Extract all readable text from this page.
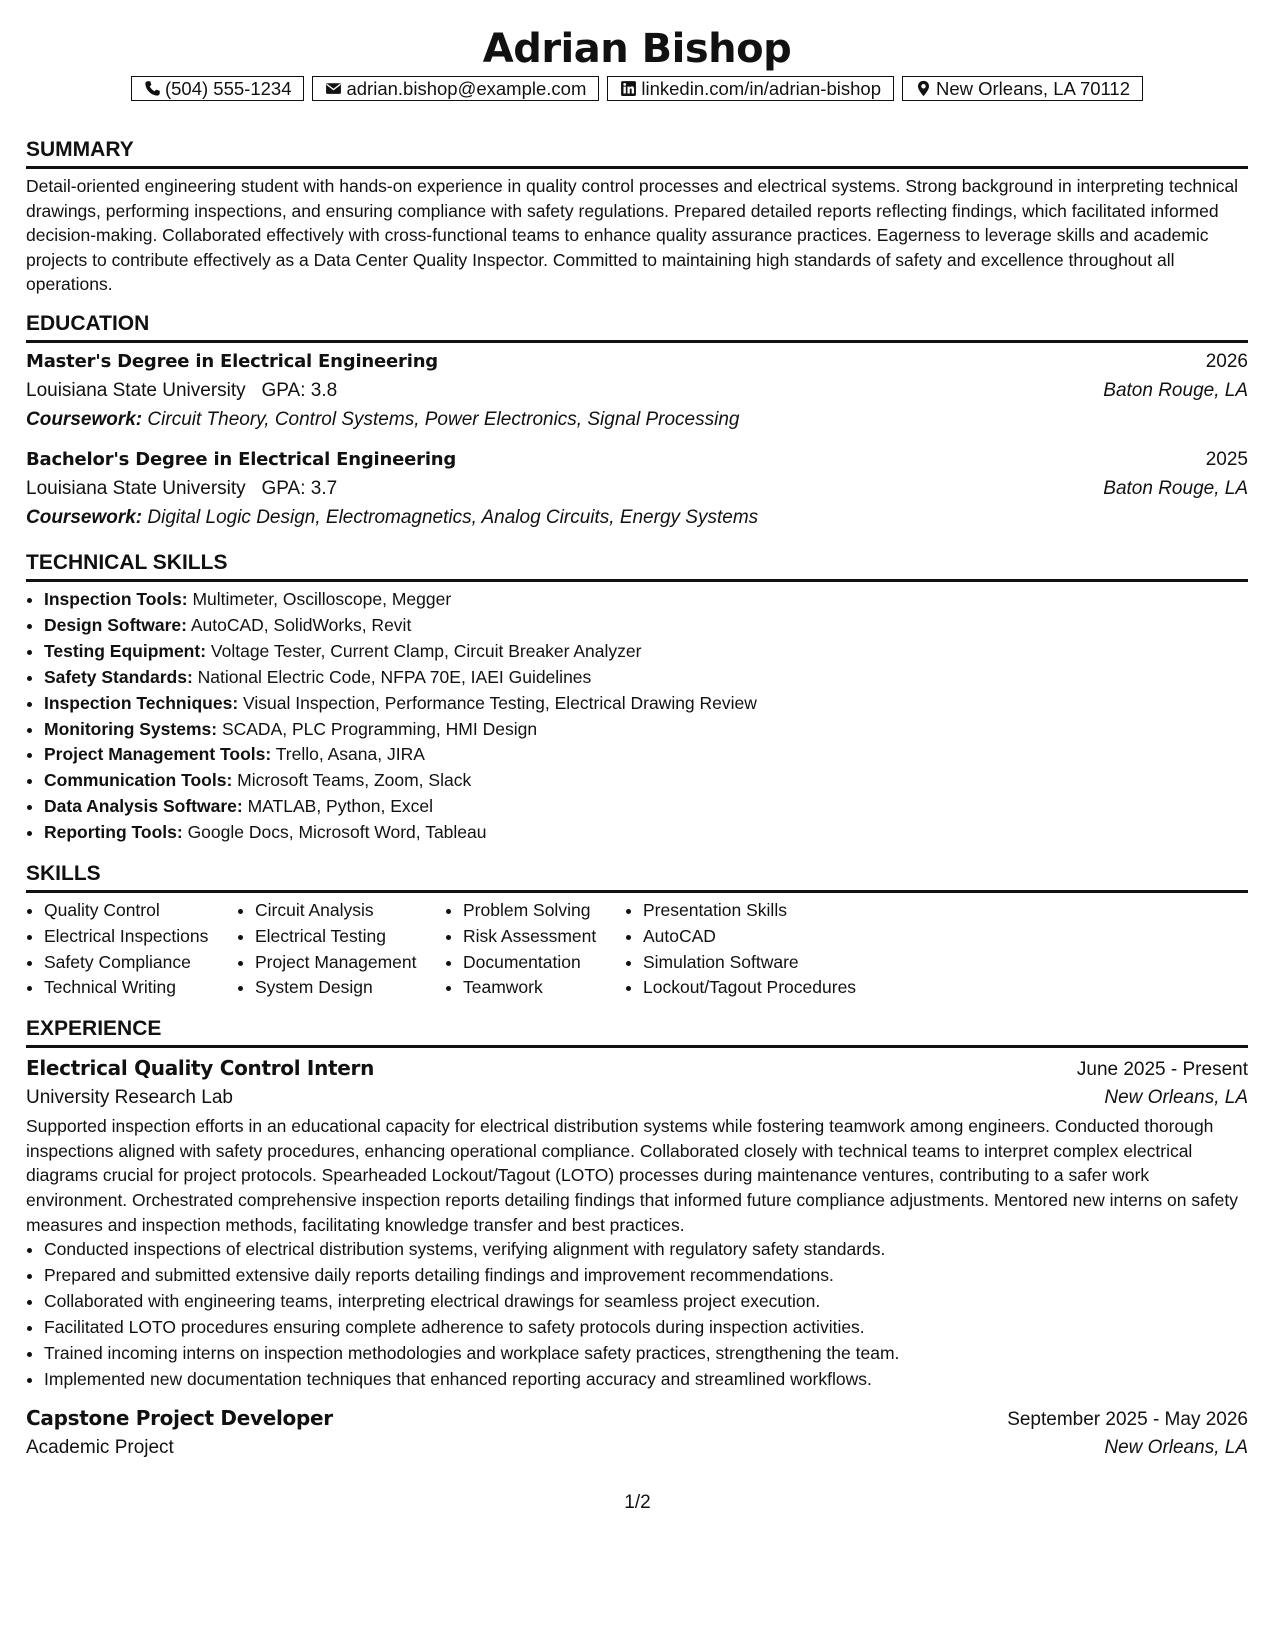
Adrian Bishop
(504) 555-1234	adrian.bishop@example.com	linkedin.com/in/adrian-bishop	New Orleans, LA 70112
SUMMARY
Detail-oriented engineering student with hands-on experience in quality control processes and electrical systems. Strong background in interpreting technical drawings, performing inspections, and ensuring compliance with safety regulations. Prepared detailed reports reflecting findings, which facilitated informed decision-making. Collaborated effectively with cross-functional teams to enhance quality assurance practices. Eagerness to leverage skills and academic projects to contribute effectively as a Data Center Quality Inspector. Committed to maintaining high standards of safety and excellence throughout all operations.
EDUCATION
Master's Degree in Electrical Engineering	2026
Louisiana State University GPA: 3.8	Baton Rouge, LA
Coursework: Circuit Theory, Control Systems, Power Electronics, Signal Processing
Bachelor's Degree in Electrical Engineering	2025
Louisiana State University GPA: 3.7	Baton Rouge, LA
Coursework: Digital Logic Design, Electromagnetics, Analog Circuits, Energy Systems
TECHNICAL SKILLS
• Inspection Tools: Multimeter, Oscilloscope, Megger
• Design Software: AutoCAD, SolidWorks, Revit
• Testing Equipment: Voltage Tester, Current Clamp, Circuit Breaker Analyzer
• Safety Standards: National Electric Code, NFPA 70E, IAEI Guidelines
• Inspection Techniques: Visual Inspection, Performance Testing, Electrical Drawing Review
• Monitoring Systems: SCADA, PLC Programming, HMI Design
• Project Management Tools: Trello, Asana, JIRA
• Communication Tools: Microsoft Teams, Zoom, Slack
• Data Analysis Software: MATLAB, Python, Excel
• Reporting Tools: Google Docs, Microsoft Word, Tableau
SKILLS
• Quality Control
• Electrical Inspections
• Safety Compliance
• Technical Writing
• Circuit Analysis
• Electrical Testing
• Project Management
• System Design
• Problem Solving
• Risk Assessment
• Documentation
• Teamwork
• Presentation Skills
• AutoCAD
• Simulation Software
• Lockout/Tagout Procedures
EXPERIENCE
Electrical Quality Control Intern	June 2025 - Present
University Research Lab	New Orleans, LA
Supported inspection efforts in an educational capacity for electrical distribution systems while fostering teamwork among engineers. Conducted thorough inspections aligned with safety procedures, enhancing operational compliance. Collaborated closely with technical teams to interpret complex electrical diagrams crucial for project protocols. Spearheaded Lockout/Tagout (LOTO) processes during maintenance ventures, contributing to a safer work environment. Orchestrated comprehensive inspection reports detailing findings that informed future compliance adjustments. Mentored new interns on safety measures and inspection methods, facilitating knowledge transfer and best practices.
• Conducted inspections of electrical distribution systems, verifying alignment with regulatory safety standards.
• Prepared and submitted extensive daily reports detailing findings and improvement recommendations.
• Collaborated with engineering teams, interpreting electrical drawings for seamless project execution.
• Facilitated LOTO procedures ensuring complete adherence to safety protocols during inspection activities.
• Trained incoming interns on inspection methodologies and workplace safety practices, strengthening the team.
• Implemented new documentation techniques that enhanced reporting accuracy and streamlined workflows.
Capstone Project Developer	September 2025 - May 2026
Academic Project	New Orleans, LA
1/2
